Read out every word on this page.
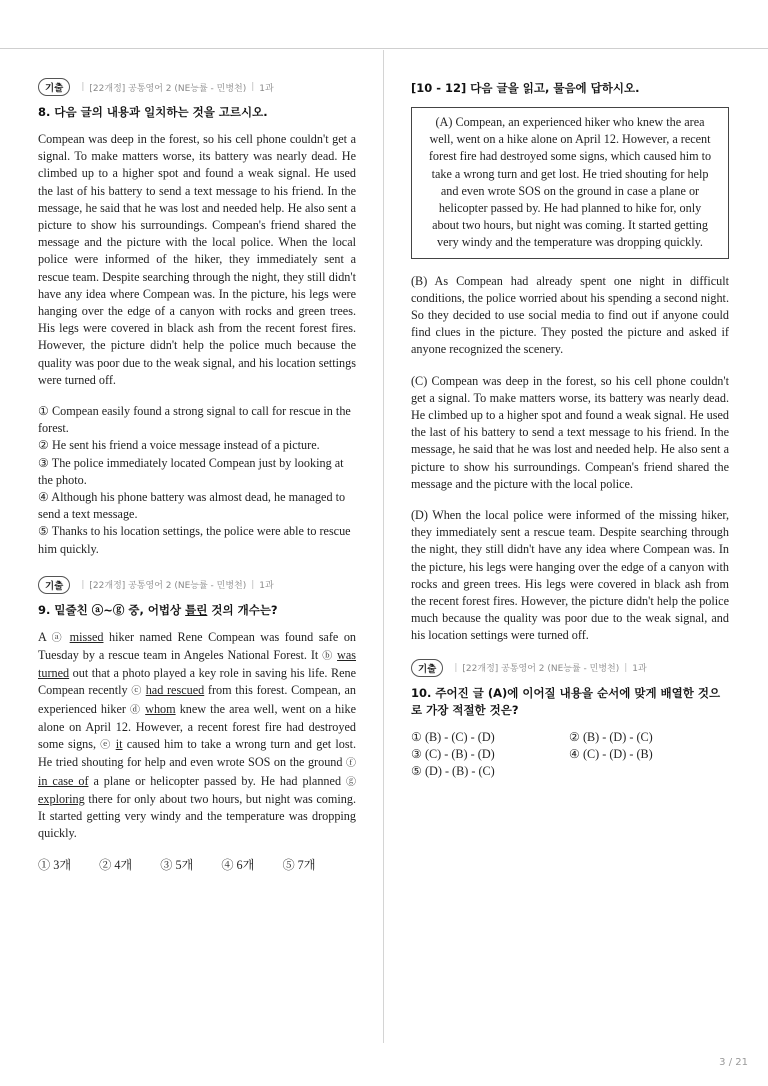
기출	| [22개정] 공통영어 2 (NE능률 - 민병천) | 1과
8. 다음 글의 내용과 일치하는 것을 고르시오.

Compean was deep in the forest, so his cell phone couldn't get a signal. To make matters worse, its battery was nearly dead. He climbed up to a higher spot and found a weak signal. He used the last of his battery to send a text message to his friend. In the message, he said that he was lost and needed help. He also sent a picture to show his surroundings. Compean's friend shared the message and the picture with the local police. When the local police were informed of the hiker, they immediately sent a rescue team. Despite searching through the night, they still didn't have any idea where Compean was. In the picture, his legs were hanging over the edge of a canyon with rocks and green trees. His legs were covered in black ash from the recent forest fires. However, the picture didn't help the police much because the quality was poor due to the weak signal, and his location settings were turned off.

① Compean easily found a strong signal to call for rescue in the forest.
② He sent his friend a voice message instead of a picture.
③ The police immediately located Compean just by looking at the photo.
④ Although his phone battery was almost dead, he managed to send a text message.
⑤ Thanks to his location settings, the police were able to rescue him quickly.
기출	| [22개정] 공통영어 2 (NE능률 - 민병천) | 1과
9. 밑줄친 ⓐ~ⓖ 중, 어법상 틀린 것의 개수는?

A ⓐ missed hiker named Rene Compean was found safe on Tuesday by a rescue team in Angeles National Forest. It ⓑ was turned out that a photo played a key role in saving his life. Rene Compean recently ⓒ had rescued from this forest. Compean, an experienced hiker ⓓ whom knew the area well, went on a hike alone on April 12. However, a recent forest fire had destroyed some signs, ⓔ it caused him to take a wrong turn and get lost. He tried shouting for help and even wrote SOS on the ground ⓕ in case of a plane or helicopter passed by. He had planned ⓖ exploring there for only about two hours, but night was coming. It started getting very windy and the temperature was dropping quickly.

① 3개 ② 4개 ③ 5개 ④ 6개 ⑤ 7개
[10 - 12] 다음 글을 읽고, 물음에 답하시오.
(A) Compean, an experienced hiker who knew the area well, went on a hike alone on April 12. However, a recent forest fire had destroyed some signs, which caused him to take a wrong turn and get lost. He tried shouting for help and even wrote SOS on the ground in case a plane or helicopter passed by. He had planned to hike for, only about two hours, but night was coming. It started getting very windy and the temperature was dropping quickly.

(B) As Compean had already spent one night in difficult conditions, the police worried about his spending a second night. So they decided to use social media to find out if anyone could find clues in the picture. They posted the picture and asked if anyone recognized the scenery.

(C) Compean was deep in the forest, so his cell phone couldn't get a signal. To make matters worse, its battery was nearly dead. He climbed up to a higher spot and found a weak signal. He used the last of his battery to send a text message to his friend. In the message, he said that he was lost and needed help. He also sent a picture to show his surroundings. Compean's friend shared the message and the picture with the local police.

(D) When the local police were informed of the missing hiker, they immediately sent a rescue team. Despite searching through the night, they still didn't have any idea where Compean was. In the picture, his legs were hanging over the edge of a canyon with rocks and green trees. His legs were covered in black ash from the recent forest fires. However, the picture didn't help the police much because the quality was poor due to the weak signal, and his location settings were turned off.

기출	| [22개정] 공통영어 2 (NE능률 - 민병천) | 1과
10. 주어진 글 (A)에 이어질 내용을 순서에 맞게 배열한 것으로 가장 적절한 것은?
① (B) - (C) - (D)	② (B) - (D) - (C)
③ (C) - (B) - (D)	④ (C) - (D) - (B)
⑤ (D) - (B) - (C)
3 / 21
